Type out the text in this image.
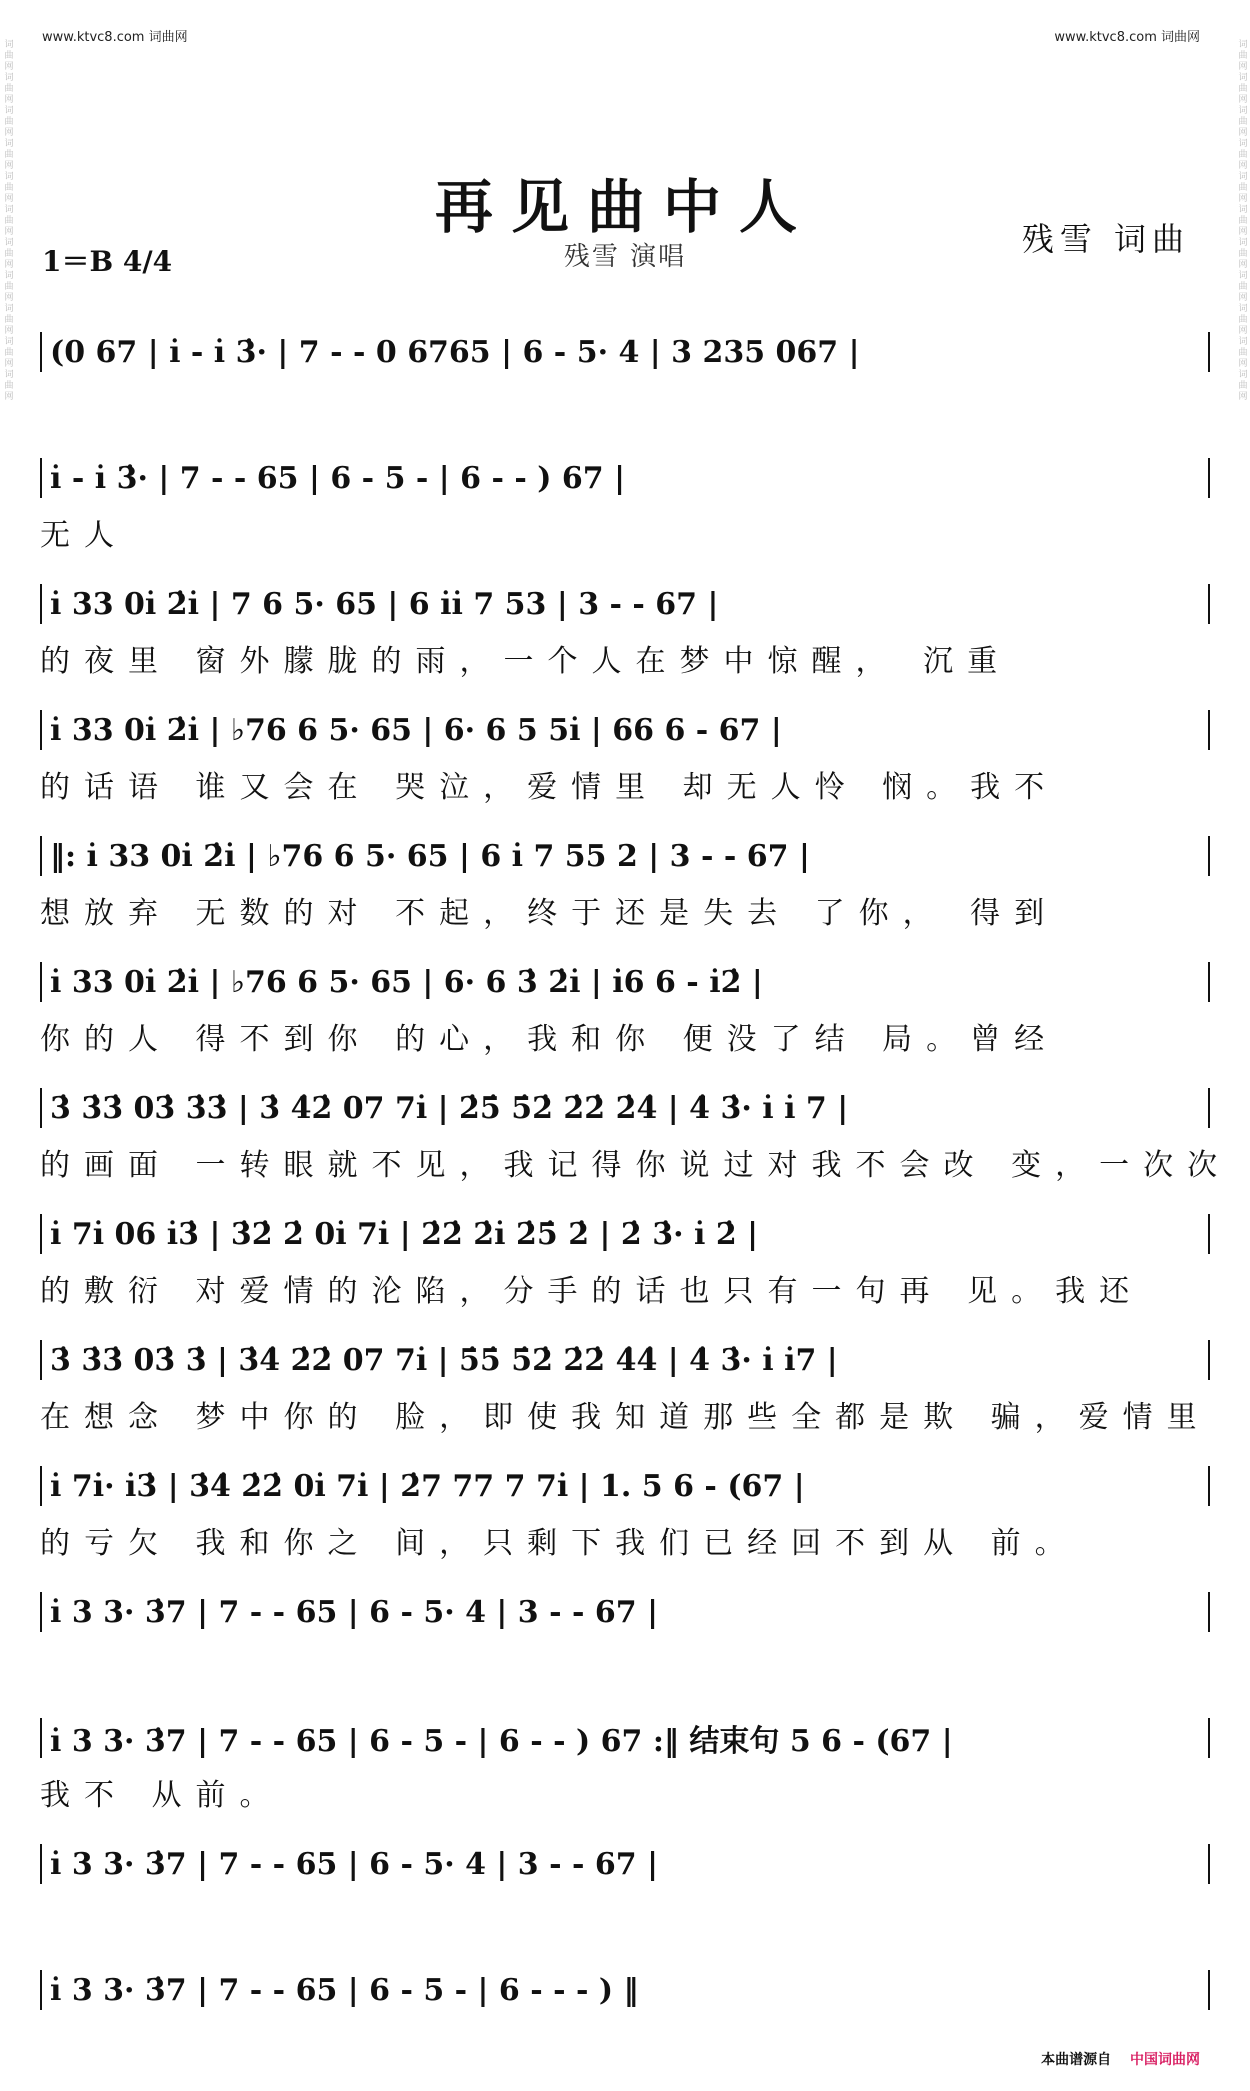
www.ktvc8.com 词曲网	www.ktvc8.com 词曲网
词曲网词曲网词曲网词曲网词曲网词曲网词曲网词曲网词曲网词曲网词曲网
词曲网词曲网词曲网词曲网词曲网词曲网词曲网词曲网词曲网词曲网词曲网
再见曲中人
残雪 演唱
1＝B 4/4
残雪 词曲
(0 67 | i̇ - i̇ 3̇· | 7 - - 0 6765 | 6 - 5· 4 | 3 235 067 |
i̇ - i̇ 3̇· | 7 - - 65 | 6 - 5 - | 6 - - ) 67 |
无人
i̇ 33 0i̇ 2̇i̇ | 7 6 5· 65 | 6 i̇i̇ 7 53 | 3 - - 67 |
的夜里 窗外朦胧的雨，一个人在梦中惊醒， 沉重
i̇ 33 0i̇ 2̇i̇ | ♭76 6 5· 65 | 6· 6 5 5i̇ | 66 6 - 67 |
的话语 谁又会在 哭泣，爱情里 却无人怜 悯。我不
‖: i̇ 33 0i̇ 2̇i̇ | ♭76 6 5· 65 | 6 i̇ 7 55 2 | 3 - - 67 |
想放弃 无数的对 不起，终于还是失去 了你， 得到
i̇ 33 0i̇ 2̇i̇ | ♭76 6 5· 65 | 6· 6 3̇ 2̇i̇ | i̇6 6 - i̇2̇ |
你的人 得不到你 的心，我和你 便没了结 局。曾经
3̇ 3̇3̇ 03̇ 3̇3̇ | 3̇ 4̇2̇ 07 7i̇ | 2̇5̇ 5̇2̇ 2̇2̇ 2̇4̇ | 4̇ 3̇· i̇ i̇ 7 |
的画面 一转眼就不见，我记得你说过对我不会改 变，一次次
i̇ 7i̇ 06 i̇3̇ | 3̇2̇ 2̇ 0i̇ 7i̇ | 2̇2̇ 2̇i̇ 2̇5̇ 2̇ | 2̇ 3̇· i̇ 2̇ |
的敷衍 对爱情的沦陷，分手的话也只有一句再 见。我还
3̇ 3̇3̇ 03̇ 3̇ | 3̇4̇ 2̇2̇ 07 7i̇ | 5̇5̇ 5̇2̇ 2̇2̇ 4̇4̇ | 4̇ 3̇· i̇ i̇7 |
在想念 梦中你的 脸，即使我知道那些全都是欺 骗，爱情里
i̇ 7i̇· i̇3̇ | 3̇4̇ 2̇2̇ 0i̇ 7i̇ | 2̇7 77 7 7i̇ | 1. 5 6 - (67 |
的亏欠 我和你之 间，只剩下我们已经回不到从 前。
i̇ 3 3· 3̇7 | 7 - - 65 | 6 - 5· 4 | 3 - - 67 |
i̇ 3 3· 3̇7 | 7 - - 65 | 6 - 5 - | 6 - - ) 67 :‖ 结束句 5 6 - (67 |
我不 从前。
i̇ 3 3· 3̇7 | 7 - - 65 | 6 - 5· 4 | 3 - - 67 |
i̇ 3 3· 3̇7 | 7 - - 65 | 6 - 5 - | 6 - - - ) ‖
本曲谱源自 中国词曲网
